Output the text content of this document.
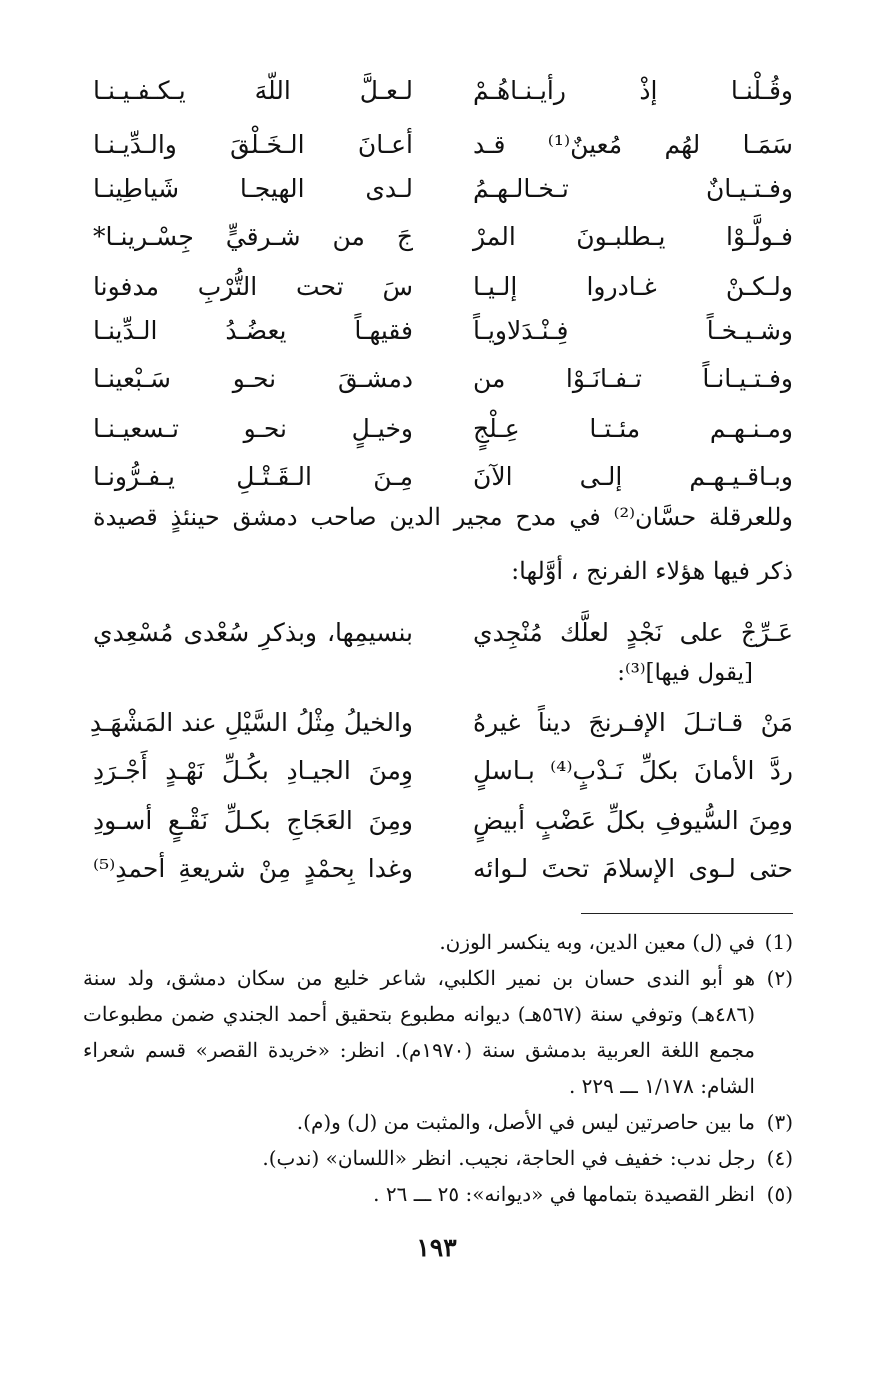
وقُـلْنـا إذْ رأيـنـاهُـمْ
لـعـلَّ اللّهَ يـكـفـيـنـا
سَمَـا لهُم مُعينٌ⁽¹⁾ قـد
أعـانَ الـخَـلْقَ والـدِّيـنـا
وفـتـيـانٌ تـخـالـهـمُ
لـدى الهيجـا شَياطِينـا
فـولَّـوْا يـطلبـونَ المرْ
جَ من شـرقيٍّ جِسْـرينـا*
ولـكـنْ غـادروا إلـيـا
سَ تحت التُّرْبِ مدفونا
وشـيـخـاً فِـنْـدَلاويـاً
فقيهـاً يعضُـدُ الـدِّينـا
وفـتـيـانـاً تـفـانَـوْا من
دمشـقَ نحـو سَـبْعينـا
ومـنـهـم مئـتـا عِـلْجٍ
وخيـلٍ نحـو تـسعيـنـا
وبـاقـيـهـم إلـى الآنَ
مِـنَ الـقَـتْـلِ يـفـرُّونـا
وللعرقلة حسَّان⁽²⁾ في مدح مجير الدين صاحب دمشق حينئذٍ قصيدة
ذكر فيها هؤلاء الفرنج ، أوَّلها:
عَـرِّجْ على نَجْدٍ لعلَّك مُنْجِدي
بنسيمِها، وبذكرِ سُعْدى مُسْعِدي
[يقول فيها]⁽³⁾:
مَنْ قـاتـلَ الإفـرنجَ ديناً غيرهُ
والخيلُ مِثْلُ السَّيْلِ عند المَشْهَـدِ
ردَّ الأمانَ بكلِّ نَـدْبٍ⁽⁴⁾ بـاسلٍ
وِمنَ الجيـادِ بكُـلِّ نَهْـدٍ أَجْـرَدِ
ومِنَ السُّيوفِ بكلِّ عَضْبٍ أبيضٍ
ومِنَ العَجَاجِ بكـلِّ نَقْـعٍ أسـودِ
حتى لـوى الإسلامَ تحتَ لـوائه
وغدا بِحمْدٍ مِنْ شريعةِ أحمدِ⁽⁵⁾
(1)في (ل) معين الدين، وبه ينكسر الوزن.
(٢)هو أبو الندى حسان بن نمير الكلبي، شاعر خليع من سكان دمشق، ولد سنة
(٤٨٦هـ) وتوفي سنة (٥٦٧هـ) ديوانه مطبوع بتحقيق أحمد الجندي ضمن مطبوعات
مجمع اللغة العربية بدمشق سنة (١٩٧٠م). انظر: «خريدة القصر» قسم شعراء
الشام: ١/١٧٨ ـــ ٢٢٩ .
(٣)ما بين حاصرتين ليس في الأصل، والمثبت من (ل) و(م).
(٤)رجل ندب: خفيف في الحاجة، نجيب. انظر «اللسان» (ندب).
(٥)انظر القصيدة بتمامها في «ديوانه»: ٢٥ ـــ ٢٦ .
١٩٣
